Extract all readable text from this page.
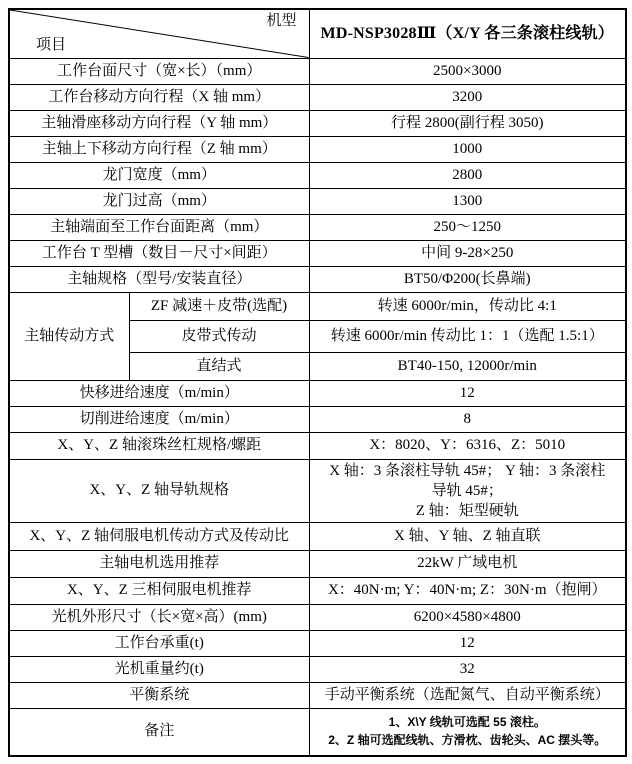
机型
项目		MD-NSP3028Ⅲ（X/Y 各三条滚柱线轨）
工作台面尺寸（宽×长）（mm）		2500×3000
工作台移动方向行程（X 轴 mm）		3200
主轴滑座移动方向行程（Y 轴 mm）		行程 2800(副行程 3050)
主轴上下移动方向行程（Z 轴 mm）		1000
龙门宽度（mm）		2800
龙门过高（mm）		1300
主轴端面至工作台面距离（mm）		250～1250
工作台 T 型槽（数目－尺寸×间距）		中间 9-28×250
主轴规格（型号/安装直径）		BT50/Φ200(长鼻端)
主轴传动方式	ZF 减速＋皮带(选配)	转速 6000r/min，传动比 4:1
	皮带式传动	转速 6000r/min 传动比 1：1（选配 1.5:1）
	直结式	BT40-150, 12000r/min
快移进给速度（m/min）		12
切削进给速度（m/min）		8
X、Y、Z 轴滚珠丝杠规格/螺距		X：8020、Y：6316、Z：5010
X、Y、Z 轴导轨规格		X 轴：3 条滚柱导轨 45#； Y 轴：3 条滚柱
导轨 45#；
Z 轴：矩型硬轨

X、Y、Z 轴伺服电机传动方式及传动比		X 轴、Y 轴、Z 轴直联
主轴电机选用推荐		22kW 广域电机
X、Y、Z 三相伺服电机推荐		X：40N·m; Y：40N·m; Z：30N·m（抱闸）
光机外形尺寸（长×宽×高）(mm)		6200×4580×4800
工作台承重(t)		12
光机重量约(t)		32
平衡系统		手动平衡系统（选配氮气、自动平衡系统）
备注		1、X\Y 线轨可选配 55 滚柱。
2、Z 轴可选配线轨、方滑枕、齿轮头、AC 摆头等。
